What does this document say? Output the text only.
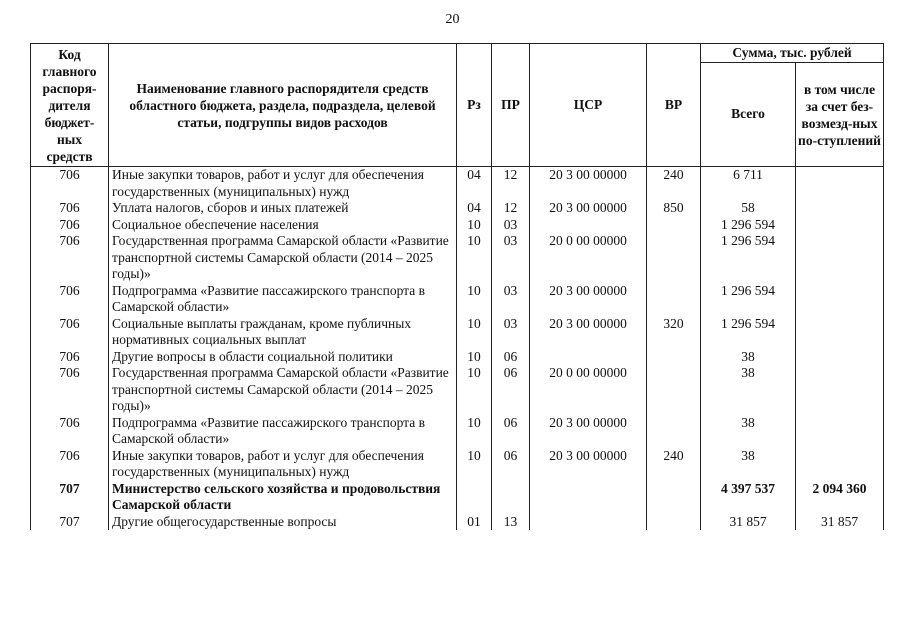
20
Код главного распоря-дителя бюджет-ных средств	Наименование главного распорядителя средств областного бюджета, раздела, подраздела, целевой статьи, подгруппы видов расходов	Рз	ПР	ЦСР	ВР	Сумма, тыс. рублей	
						Всего	в том числе за счет без-возмезд-ных по-ступлений
706	Иные закупки товаров, работ и услуг для обеспечения государственных (муниципальных) нужд	04	12	20 3 00 00000	240	6 711	
706	Уплата налогов, сборов и иных платежей	04	12	20 3 00 00000	850	58	
706	Социальное обеспечение населения	10	03			1 296 594	
706	Государственная программа Самарской области «Развитие транспортной системы Самарской области (2014 – 2025 годы)»	10	03	20 0 00 00000		1 296 594	
706	Подпрограмма «Развитие пассажирского транспорта в Самарской области»	10	03	20 3 00 00000		1 296 594	
706	Социальные выплаты гражданам, кроме публичных нормативных социальных выплат	10	03	20 3 00 00000	320	1 296 594	
706	Другие вопросы в области социальной политики	10	06			38	
706	Государственная программа Самарской области «Развитие транспортной системы Самарской области (2014 – 2025 годы)»	10	06	20 0 00 00000		38	
706	Подпрограмма «Развитие пассажирского транспорта в Самарской области»	10	06	20 3 00 00000		38	
706	Иные закупки товаров, работ и услуг для обеспечения государственных (муниципальных) нужд	10	06	20 3 00 00000	240	38	
707	Министерство сельского хозяйства и продовольствия Самарской области					4 397 537	2 094 360
707	Другие общегосударственные вопросы	01	13			31 857	31 857
